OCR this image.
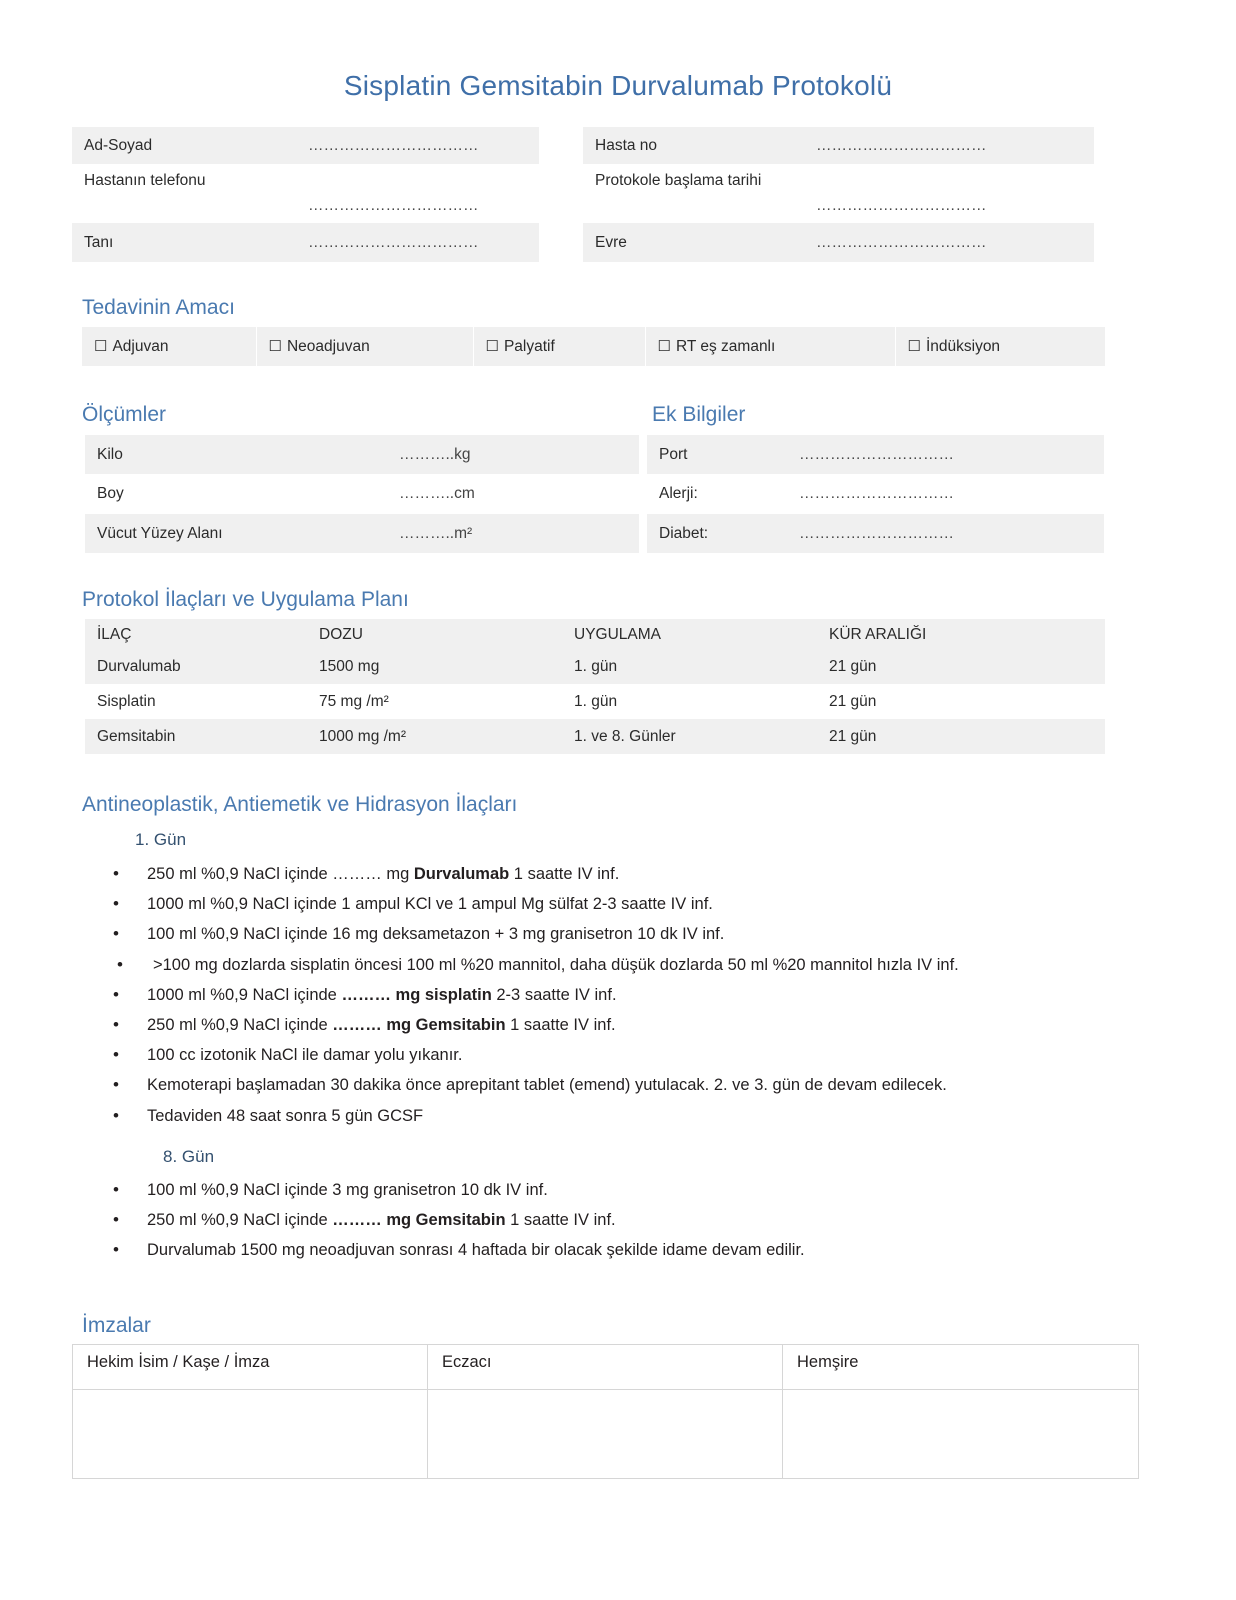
Sisplatin Gemsitabin Durvalumab Protokolü
Ad-Soyad	……………………………		Hasta no	……………………………
Hastanın telefonu	……………………………		Protokole başlama tarihi	……………………………
Tanı	……………………………		Evre	……………………………
Tedavinin Amacı
☐ Adjuvan	☐ Neoadjuvan	☐ Palyatif	☐ RT eş zamanlı	☐ İndüksiyon
Ölçümler	Ek Bilgiler
Kilo	………..kg	
Boy	………..cm	
Vücut Yüzey Alanı	………..m²	
Port	…………………………
Alerji:	…………………………
Diabet:	…………………………
Protokol İlaçları ve Uygulama Planı
İLAÇ	DOZU	UYGULAMA	KÜR ARALIĞI
Durvalumab	1500 mg	1. gün	21 gün
Sisplatin	75 mg /m²	1. gün	21 gün
Gemsitabin	1000 mg /m²	1. ve 8. Günler	21 gün
Antineoplastik, Antiemetik ve Hidrasyon İlaçları
1. Gün
• 250 ml %0,9 NaCl içinde ……… mg Durvalumab 1 saatte IV inf.
• 1000 ml %0,9 NaCl içinde 1 ampul KCl ve 1 ampul Mg sülfat 2-3 saatte IV inf.
• 100 ml %0,9 NaCl içinde 16 mg deksametazon + 3 mg granisetron 10 dk IV inf.
• >100 mg dozlarda sisplatin öncesi 100 ml %20 mannitol, daha düşük dozlarda 50 ml %20 mannitol hızla IV inf.
• 1000 ml %0,9 NaCl içinde ……… mg sisplatin 2-3 saatte IV inf.
• 250 ml %0,9 NaCl içinde ……… mg Gemsitabin 1 saatte IV inf.
• 100 cc izotonik NaCl ile damar yolu yıkanır.
• Kemoterapi başlamadan 30 dakika önce aprepitant tablet (emend) yutulacak. 2. ve 3. gün de devam edilecek.
• Tedaviden 48 saat sonra 5 gün GCSF
8. Gün
• 100 ml %0,9 NaCl içinde 3 mg granisetron 10 dk IV inf.
• 250 ml %0,9 NaCl içinde ……… mg Gemsitabin 1 saatte IV inf.
• Durvalumab 1500 mg neoadjuvan sonrası 4 haftada bir olacak şekilde idame devam edilir.
İmzalar
Hekim İsim / Kaşe / İmza	Eczacı	Hemşire
